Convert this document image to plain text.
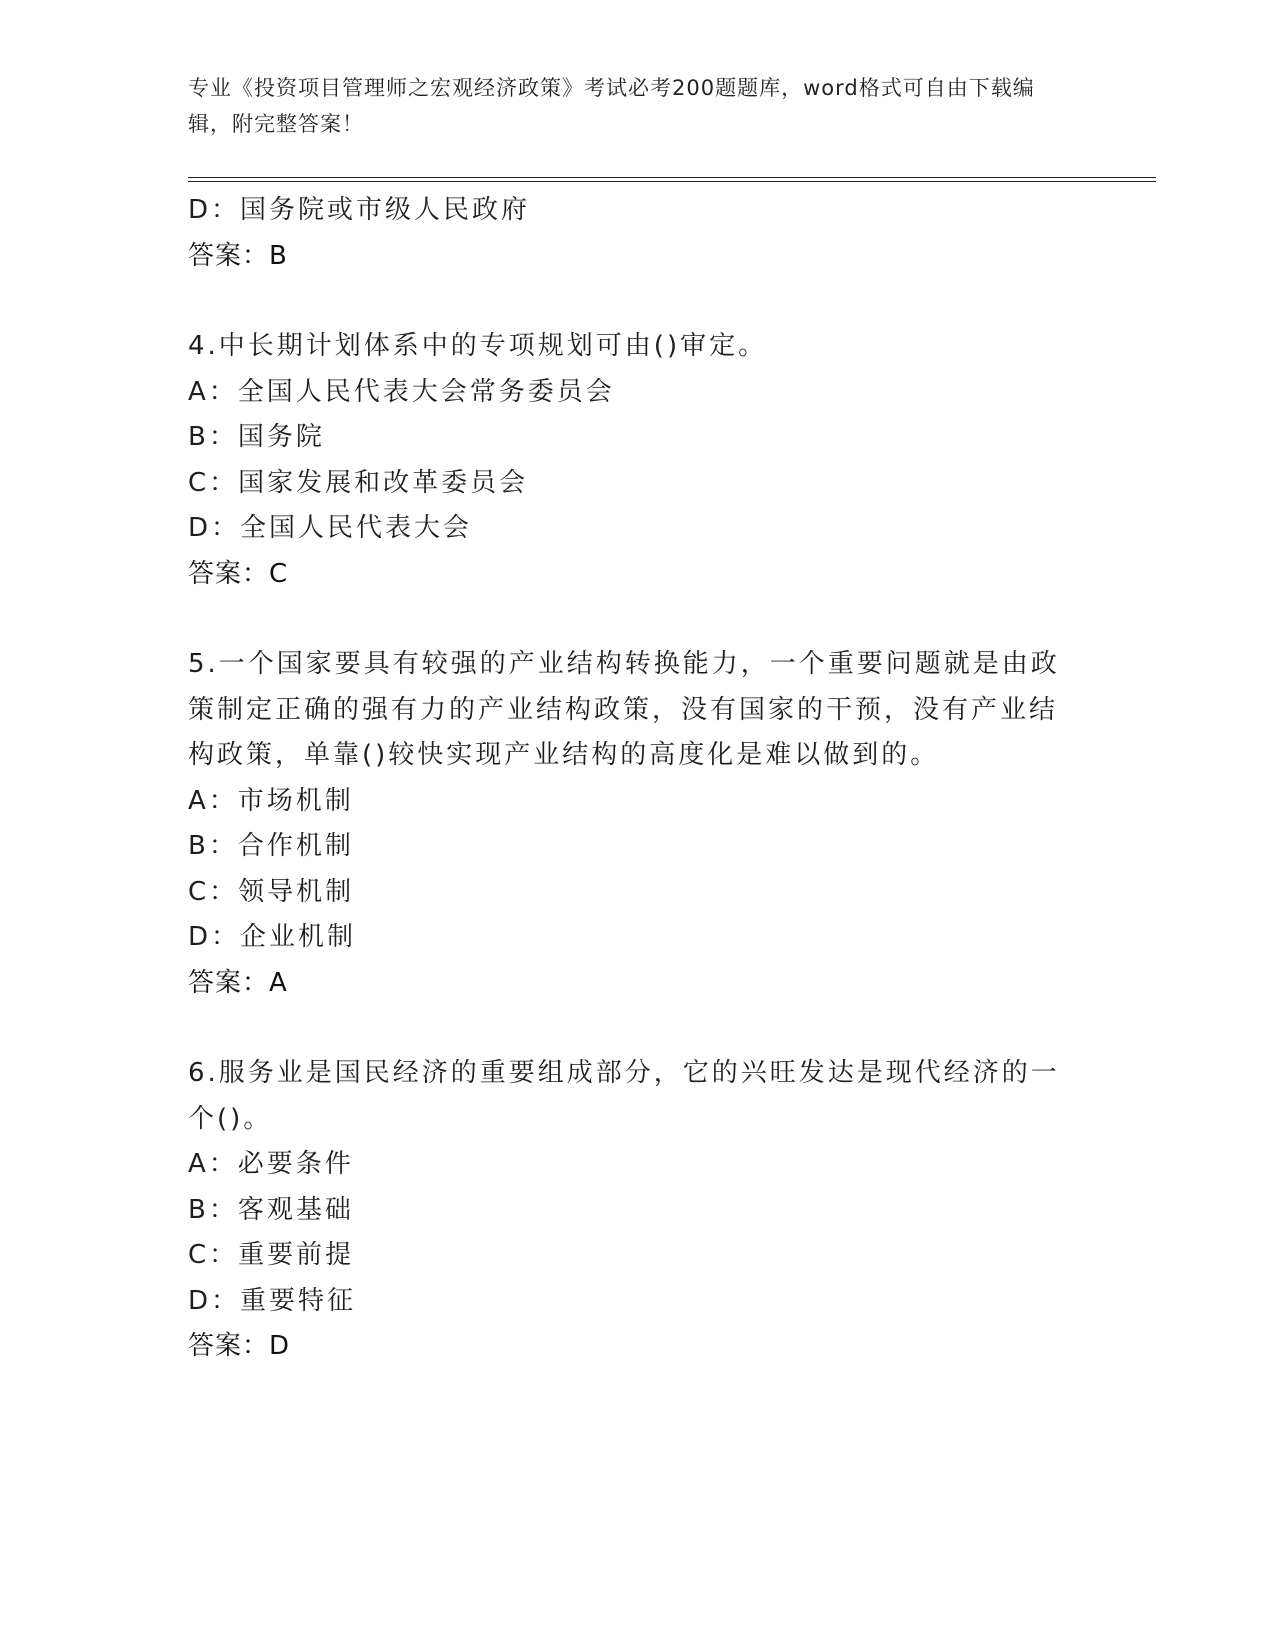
专业《投资项目管理师之宏观经济政策》考试必考200题题库，word格式可自由下载编辑，附完整答案！
D：国务院或市级人民政府
答案：B
4.中长期计划体系中的专项规划可由()审定。
A：全国人民代表大会常务委员会
B：国务院
C：国家发展和改革委员会
D：全国人民代表大会
答案：C
5.一个国家要具有较强的产业结构转换能力，一个重要问题就是由政策制定正确的强有力的产业结构政策，没有国家的干预，没有产业结构政策，单靠()较快实现产业结构的高度化是难以做到的。
A：市场机制
B：合作机制
C：领导机制
D：企业机制
答案：A
6.服务业是国民经济的重要组成部分，它的兴旺发达是现代经济的一个()。
A：必要条件
B：客观基础
C：重要前提
D：重要特征
答案：D
